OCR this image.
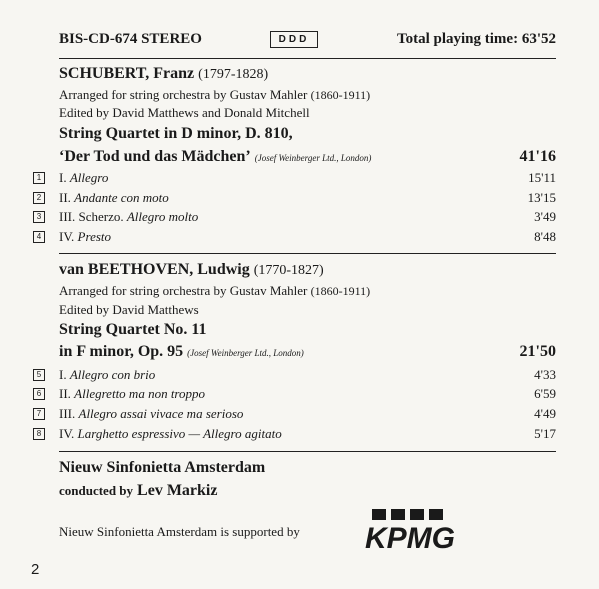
BIS-CD-674 STEREO	DDD	Total playing time: 63'52
SCHUBERT, Franz (1797-1828)
Arranged for string orchestra by Gustav Mahler (1860-1911)
Edited by David Matthews and Donald Mitchell
String Quartet in D minor, D. 810,
‘Der Tod und das Mädchen’ (Josef Weinberger Ltd., London)	41'16
1 I. Allegro	15'11
2 II. Andante con moto	13'15
3 III. Scherzo. Allegro molto	3'49
4 IV. Presto	8'48
van BEETHOVEN, Ludwig (1770-1827)
Arranged for string orchestra by Gustav Mahler (1860-1911)
Edited by David Matthews
String Quartet No. 11
in F minor, Op. 95 (Josef Weinberger Ltd., London)	21'50
5 I. Allegro con brio	4'33
6 II. Allegretto ma non troppo	6'59
7 III. Allegro assai vivace ma serioso	4'49
8 IV. Larghetto espressivo — Allegro agitato	5'17
Nieuw Sinfonietta Amsterdam
conducted by Lev Markiz
Nieuw Sinfonietta Amsterdam is supported by KPMG
2
